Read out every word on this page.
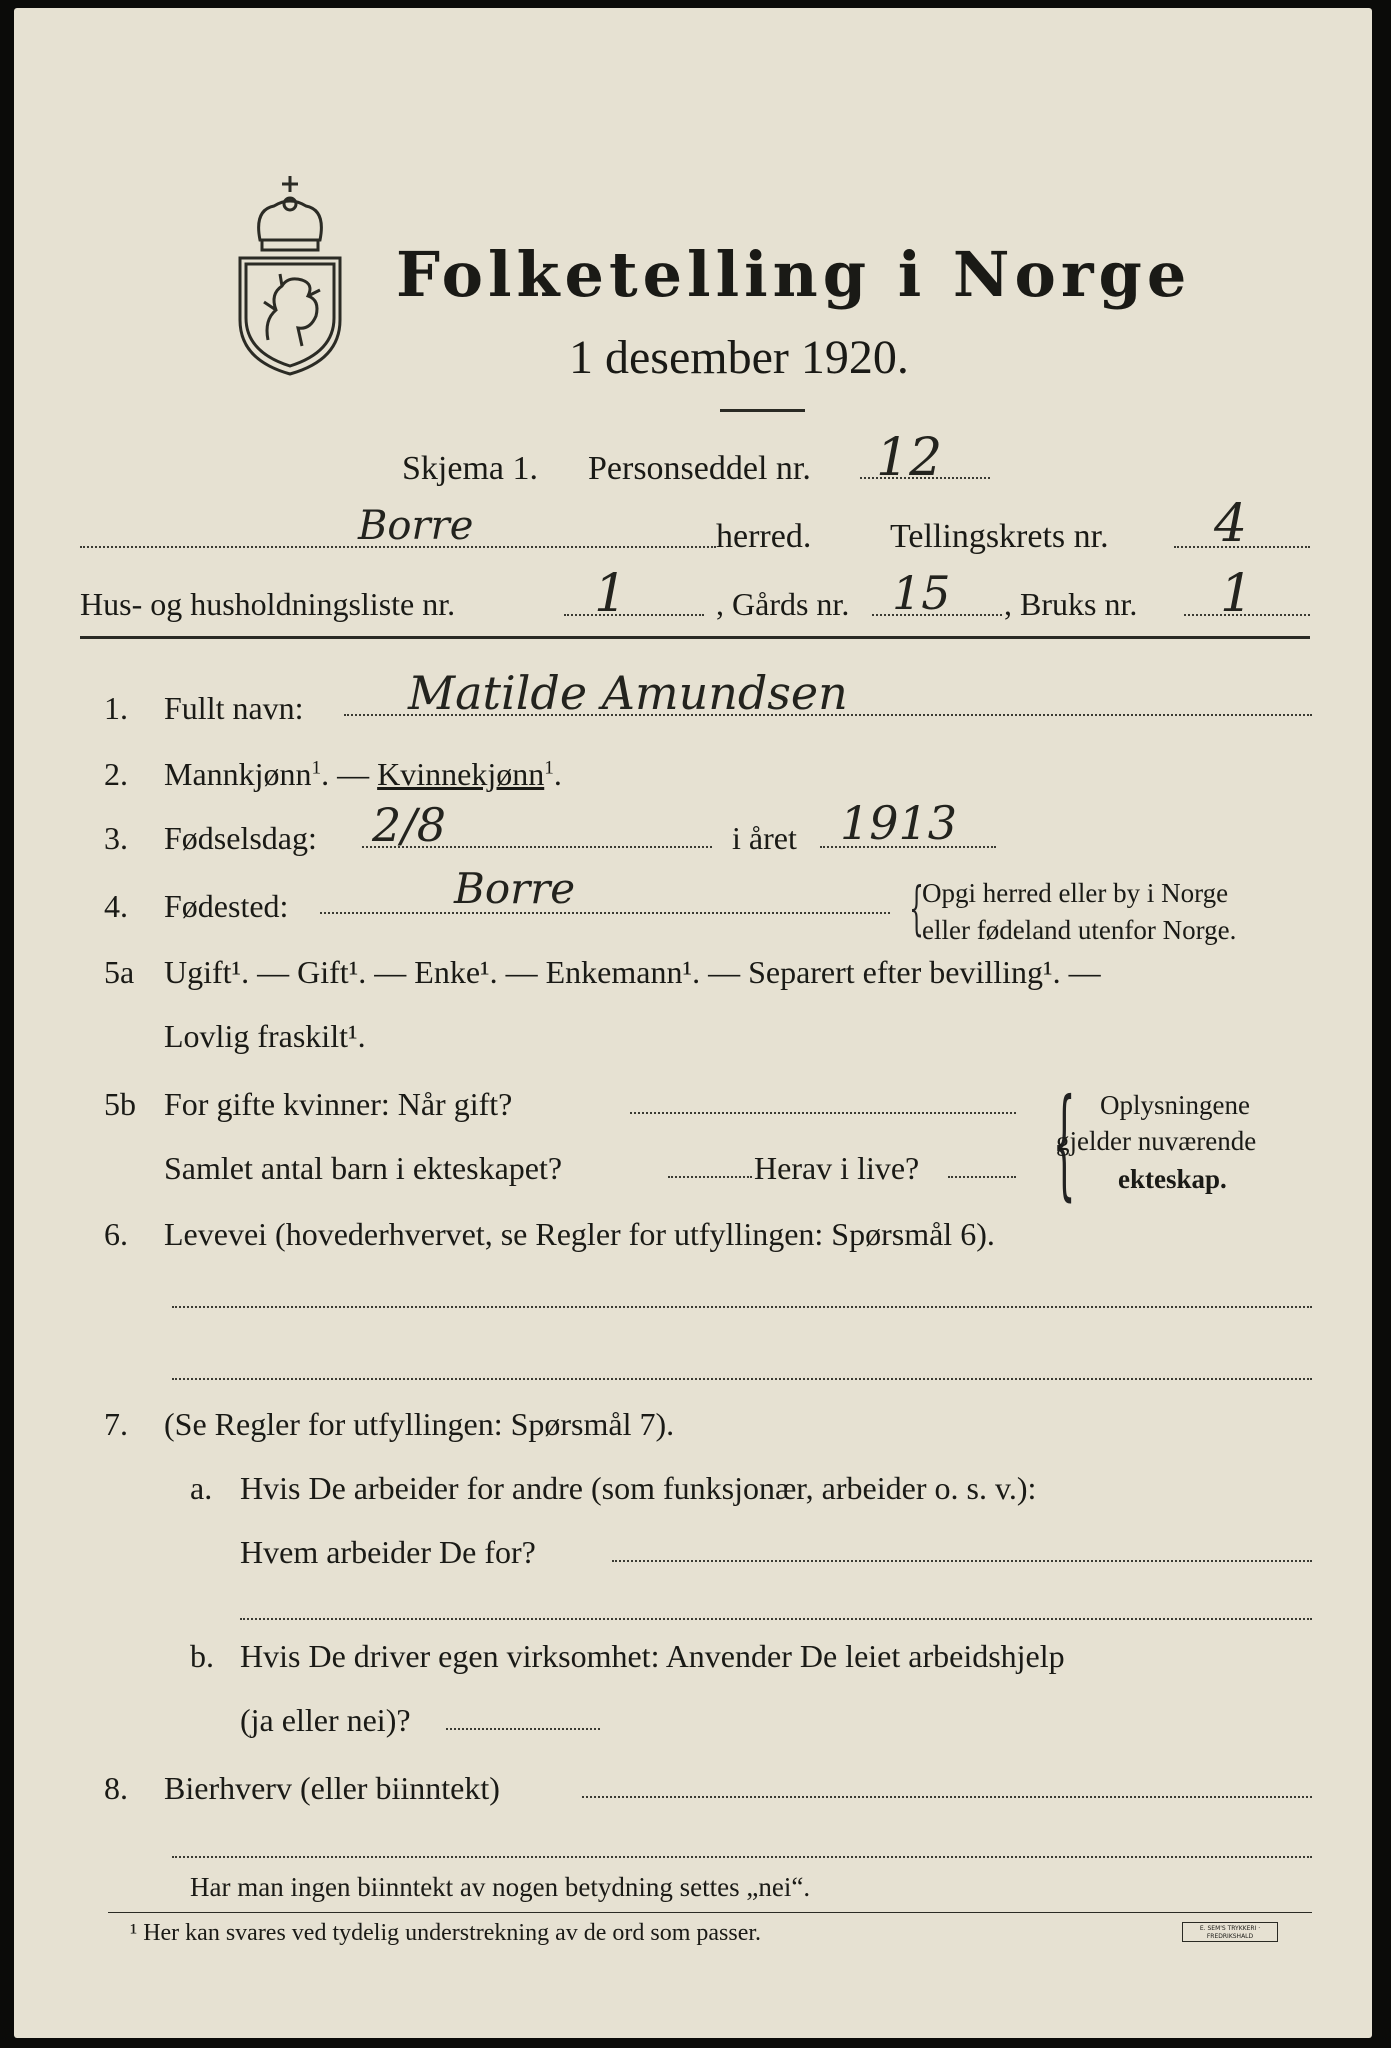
Folketelling i Norge
1 desember 1920.
Skjema 1. Personseddel nr. 12
Borre	herred. Tellingskrets nr. 4
Hus- og husholdningsliste nr.	1	, Gårds nr. 15 , Bruks nr. 1
1. Fullt navn: Matilde Amundsen
2. Mannkjønn$^1$. — Kvinnekjønn$^1$.
3. Fødselsdag: 2/8	i året 1913
4. Fødested:	Borre	{
Opgi herred eller by i Norge
eller fødeland utenfor Norge.
5a Ugift¹. — Gift¹. — Enke¹. — Enkemann¹. — Separert efter bevilling¹. —
Lovlig fraskilt¹.
5b For gifte kvinner: Når gift?
Samlet antal barn i ekteskapet?	Herav i live? { Oplysningene
gjelder nuværende
ekteskap.
6. Levevei (hovederhvervet, se Regler for utfyllingen: Spørsmål 6).
7. (Se Regler for utfyllingen: Spørsmål 7).
a. Hvis De arbeider for andre (som funksjonær, arbeider o. s. v.):
Hvem arbeider De for?
b. Hvis De driver egen virksomhet: Anvender De leiet arbeidshjelp
(ja eller nei)?
8. Bierhverv (eller biinntekt)
Har man ingen biinntekt av nogen betydning settes „nei“.
¹ Her kan svares ved tydelig understrekning av de ord som passer.	E. SEM'S TRYKKERI · FREDRIKSHALD
